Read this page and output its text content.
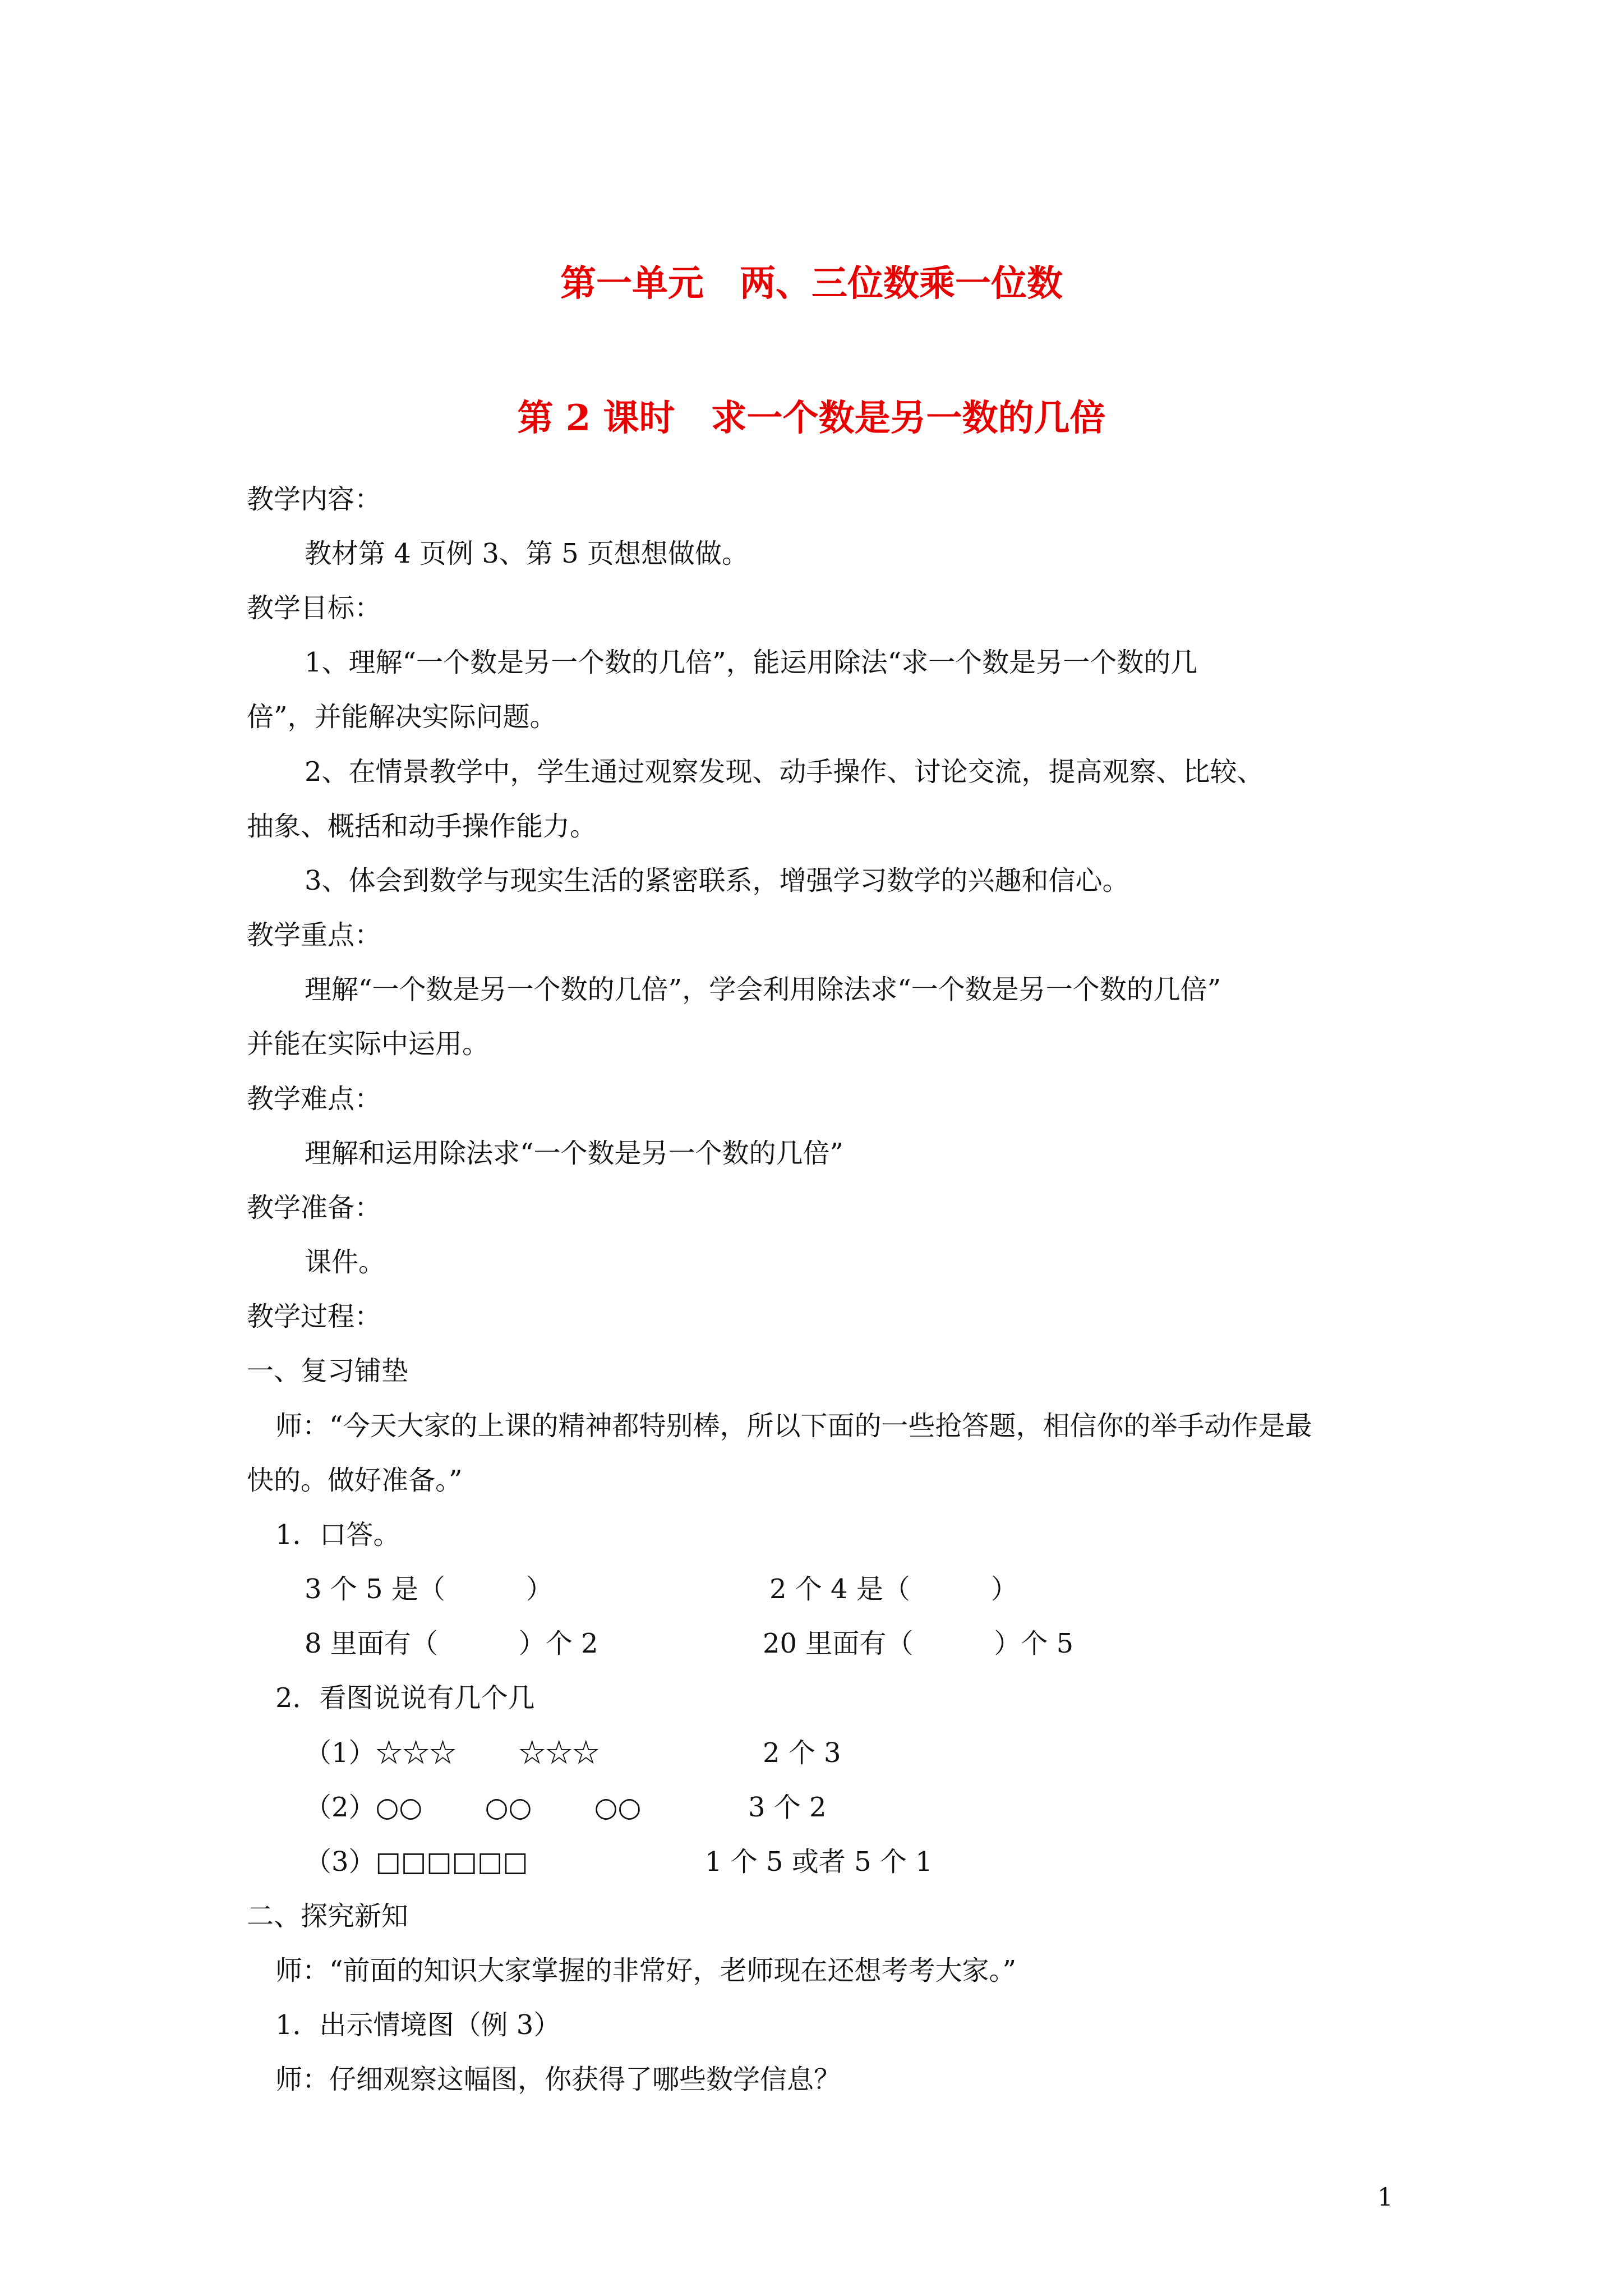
第一单元　两、三位数乘一位数
第 2 课时　求一个数是另一数的几倍
教学内容：
教材第 4 页例 3、第 5 页想想做做。
教学目标：
1、理解“一个数是另一个数的几倍”，能运用除法“求一个数是另一个数的几
倍”，并能解决实际问题。
2、在情景教学中，学生通过观察发现、动手操作、讨论交流，提高观察、比较、
抽象、概括和动手操作能力。
3、体会到数学与现实生活的紧密联系，增强学习数学的兴趣和信心。
教学重点：
理解“一个数是另一个数的几倍”，学会利用除法求“一个数是另一个数的几倍”
并能在实际中运用。
教学难点：
理解和运用除法求“一个数是另一个数的几倍”
教学准备：
课件。
教学过程：
一、复习铺垫
师：“今天大家的上课的精神都特别棒，所以下面的一些抢答题，相信你的举手动作是最
快的。做好准备。”
1．口答。
3 个 5 是（　　　）	2 个 4 是（　　　）
8 里面有（　　　）个 2	20 里面有（　　　）个 5
2．看图说说有几个几
（1）☆☆☆　　 ☆☆☆	2 个 3
（2）○○　　 ○○　　 ○○	3 个 2
（3）□□□□□□	1 个 5 或者 5 个 1
二、探究新知
师：“前面的知识大家掌握的非常好，老师现在还想考考大家。”
1．出示情境图（例 3）
师：仔细观察这幅图，你获得了哪些数学信息？
1
